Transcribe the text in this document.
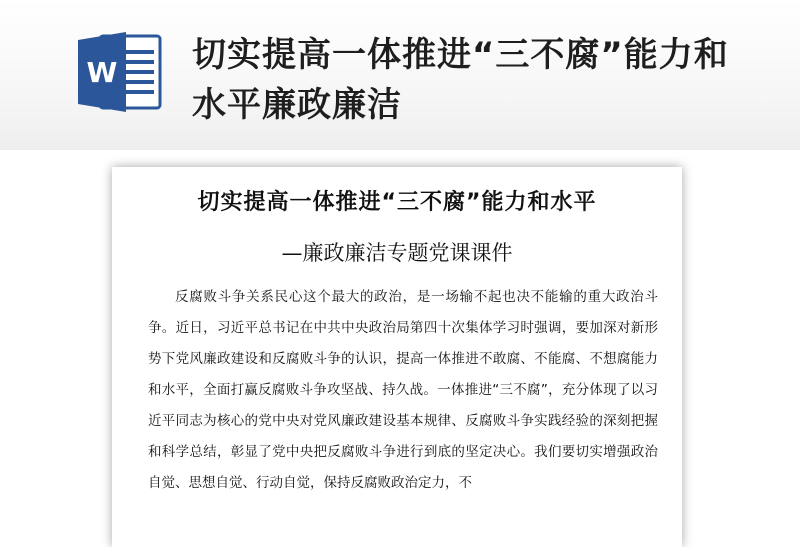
W 切实提高一体推进“三不腐”能力和水平廉政廉洁
切实提高一体推进“三不腐”能力和水平
—廉政廉洁专题党课课件

反腐败斗争关系民心这个最大的政治，是一场输不起也决不能输的重大政治斗争。近日，习近平总书记在中共中央政治局第四十次集体学习时强调，要加深对新形势下党风廉政建设和反腐败斗争的认识，提高一体推进不敢腐、不能腐、不想腐能力和水平，全面打赢反腐败斗争攻坚战、持久战。一体推进“三不腐”，充分体现了以习近平同志为核心的党中央对党风廉政建设基本规律、反腐败斗争实践经验的深刻把握和科学总结，彰显了党中央把反腐败斗争进行到底的坚定决心。我们要切实增强政治自觉、思想自觉、行动自觉，保持反腐败政治定力，不
